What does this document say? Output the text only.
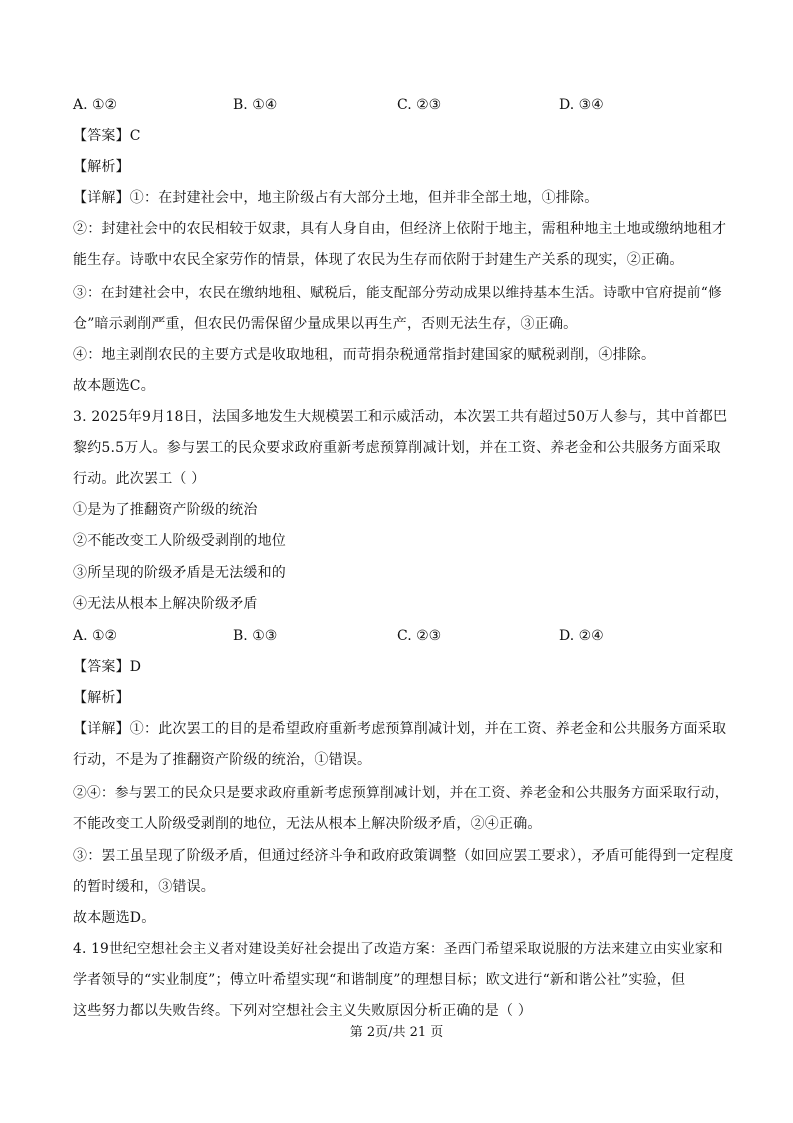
A. ①②	B. ①④	C. ②③	D. ③④
【答案】C
【解析】
【详解】①：在封建社会中，地主阶级占有大部分土地，但并非全部土地，①排除。
②：封建社会中的农民相较于奴隶，具有人身自由，但经济上依附于地主，需租种地主土地或缴纳地租才
能生存。诗歌中农民全家劳作的情景，体现了农民为生存而依附于封建生产关系的现实，②正确。
③：在封建社会中，农民在缴纳地租、赋税后，能支配部分劳动成果以维持基本生活。诗歌中官府提前“修
仓”暗示剥削严重，但农民仍需保留少量成果以再生产，否则无法生存，③正确。
④：地主剥削农民的主要方式是收取地租，而苛捐杂税通常指封建国家的赋税剥削，④排除。
故本题选C。
3. 2025年9月18日，法国多地发生大规模罢工和示威活动，本次罢工共有超过50万人参与，其中首都巴
黎约5.5万人。参与罢工的民众要求政府重新考虑预算削减计划，并在工资、养老金和公共服务方面采取
行动。此次罢工（ ）
①是为了推翻资产阶级的统治
②不能改变工人阶级受剥削的地位
③所呈现的阶级矛盾是无法缓和的
④无法从根本上解决阶级矛盾
A. ①②	B. ①③	C. ②③	D. ②④
【答案】D
【解析】
【详解】①：此次罢工的目的是希望政府重新考虑预算削减计划，并在工资、养老金和公共服务方面采取
行动，不是为了推翻资产阶级的统治，①错误。
②④：参与罢工的民众只是要求政府重新考虑预算削减计划，并在工资、养老金和公共服务方面采取行动，
不能改变工人阶级受剥削的地位，无法从根本上解决阶级矛盾，②④正确。
③：罢工虽呈现了阶级矛盾，但通过经济斗争和政府政策调整（如回应罢工要求），矛盾可能得到一定程度
的暂时缓和，③错误。
故本题选D。
4. 19世纪空想社会主义者对建设美好社会提出了改造方案：圣西门希望采取说服的方法来建立由实业家和
学者领导的“实业制度”；傅立叶希望实现“和谐制度”的理想目标；欧文进行“新和谐公社”实验，但
这些努力都以失败告终。下列对空想社会主义失败原因分析正确的是（ ）
第 2页/共 21 页
